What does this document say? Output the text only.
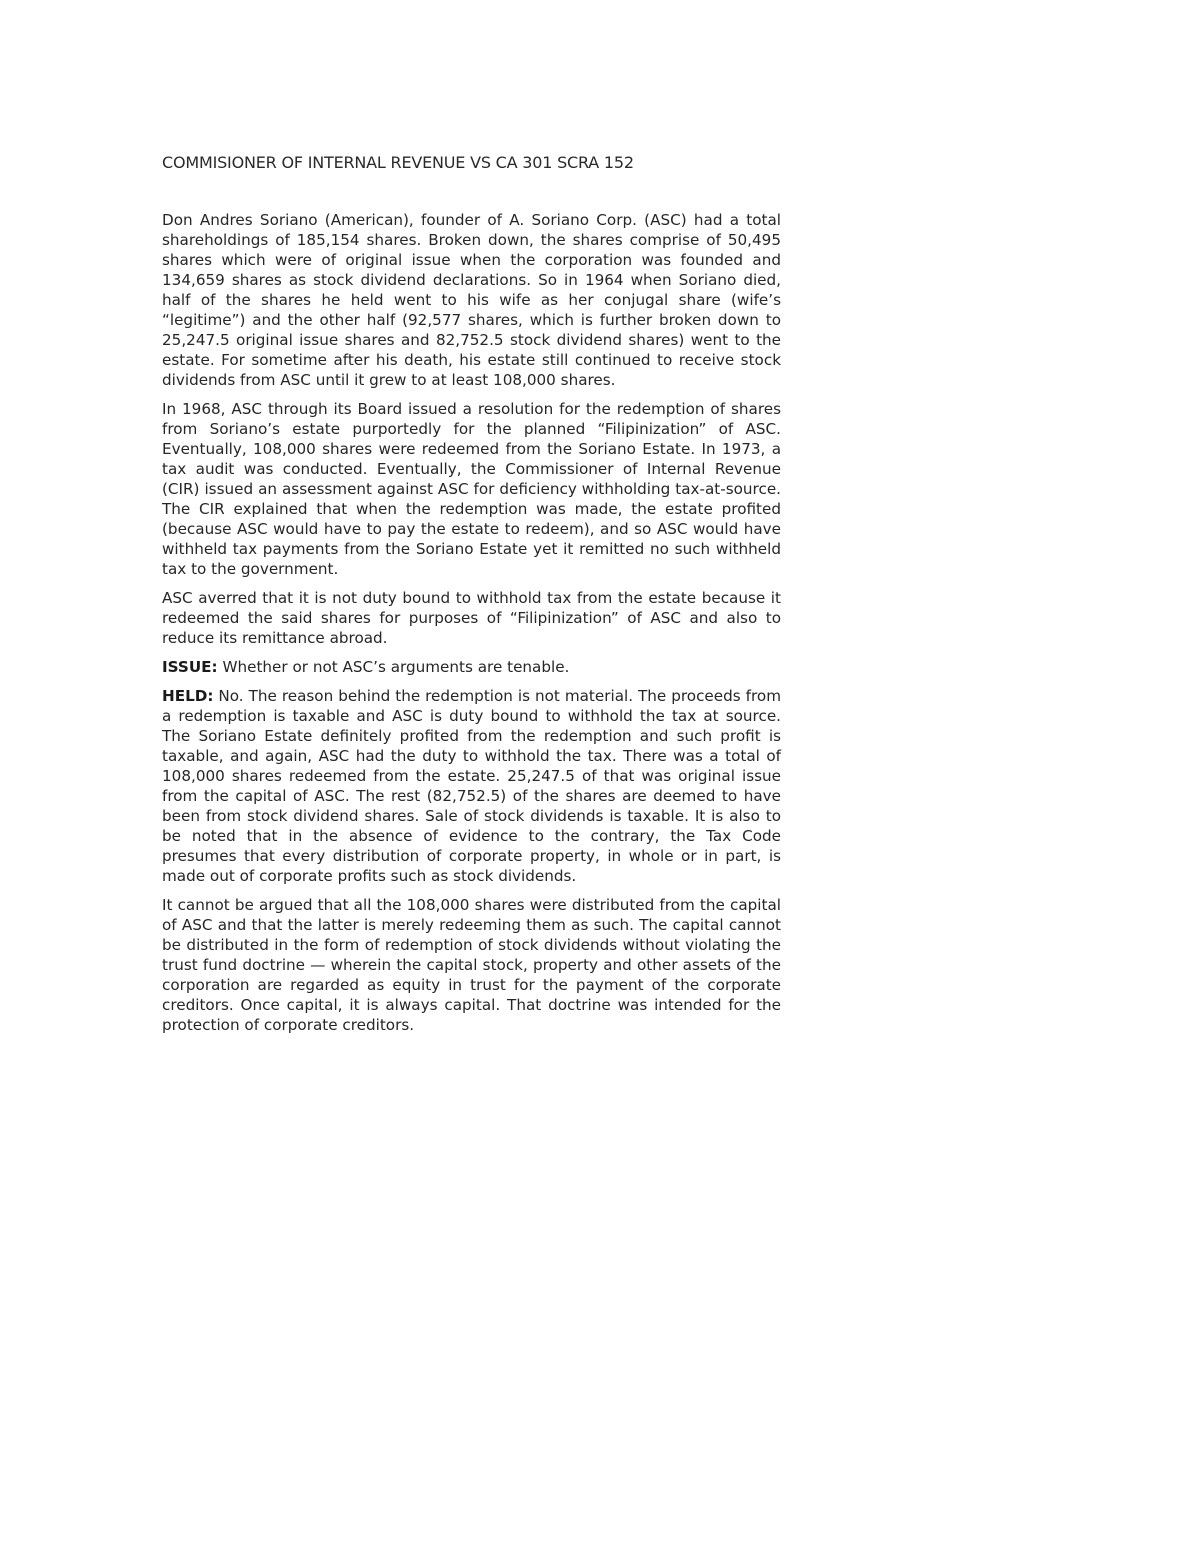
COMMISIONER OF INTERNAL REVENUE VS CA 301 SCRA 152

Don Andres Soriano (American), founder of A. Soriano Corp. (ASC) had a total shareholdings of 185,154 shares. Broken down, the shares comprise of 50,495 shares which were of original issue when the corporation was founded and 134,659 shares as stock dividend declarations. So in 1964 when Soriano died, half of the shares he held went to his wife as her conjugal share (wife’s “legitime”) and the other half (92,577 shares, which is further broken down to 25,247.5 original issue shares and 82,752.5 stock dividend shares) went to the estate. For sometime after his death, his estate still continued to receive stock dividends from ASC until it grew to at least 108,000 shares.

In 1968, ASC through its Board issued a resolution for the redemption of shares from Soriano’s estate purportedly for the planned “Filipinization” of ASC. Eventually, 108,000 shares were redeemed from the Soriano Estate. In 1973, a tax audit was conducted. Eventually, the Commissioner of Internal Revenue (CIR) issued an assessment against ASC for deficiency withholding tax-at-source. The CIR explained that when the redemption was made, the estate profited (because ASC would have to pay the estate to redeem), and so ASC would have withheld tax payments from the Soriano Estate yet it remitted no such withheld tax to the government.

ASC averred that it is not duty bound to withhold tax from the estate because it redeemed the said shares for purposes of “Filipinization” of ASC and also to reduce its remittance abroad.

ISSUE: Whether or not ASC’s arguments are tenable.

HELD: No. The reason behind the redemption is not material. The proceeds from a redemption is taxable and ASC is duty bound to withhold the tax at source. The Soriano Estate definitely profited from the redemption and such profit is taxable, and again, ASC had the duty to withhold the tax. There was a total of 108,000 shares redeemed from the estate. 25,247.5 of that was original issue from the capital of ASC. The rest (82,752.5) of the shares are deemed to have been from stock dividend shares. Sale of stock dividends is taxable. It is also to be noted that in the absence of evidence to the contrary, the Tax Code presumes that every distribution of corporate property, in whole or in part, is made out of corporate profits such as stock dividends.

It cannot be argued that all the 108,000 shares were distributed from the capital of ASC and that the latter is merely redeeming them as such. The capital cannot be distributed in the form of redemption of stock dividends without violating the trust fund doctrine — wherein the capital stock, property and other assets of the corporation are regarded as equity in trust for the payment of the corporate creditors. Once capital, it is always capital. That doctrine was intended for the protection of corporate creditors.
